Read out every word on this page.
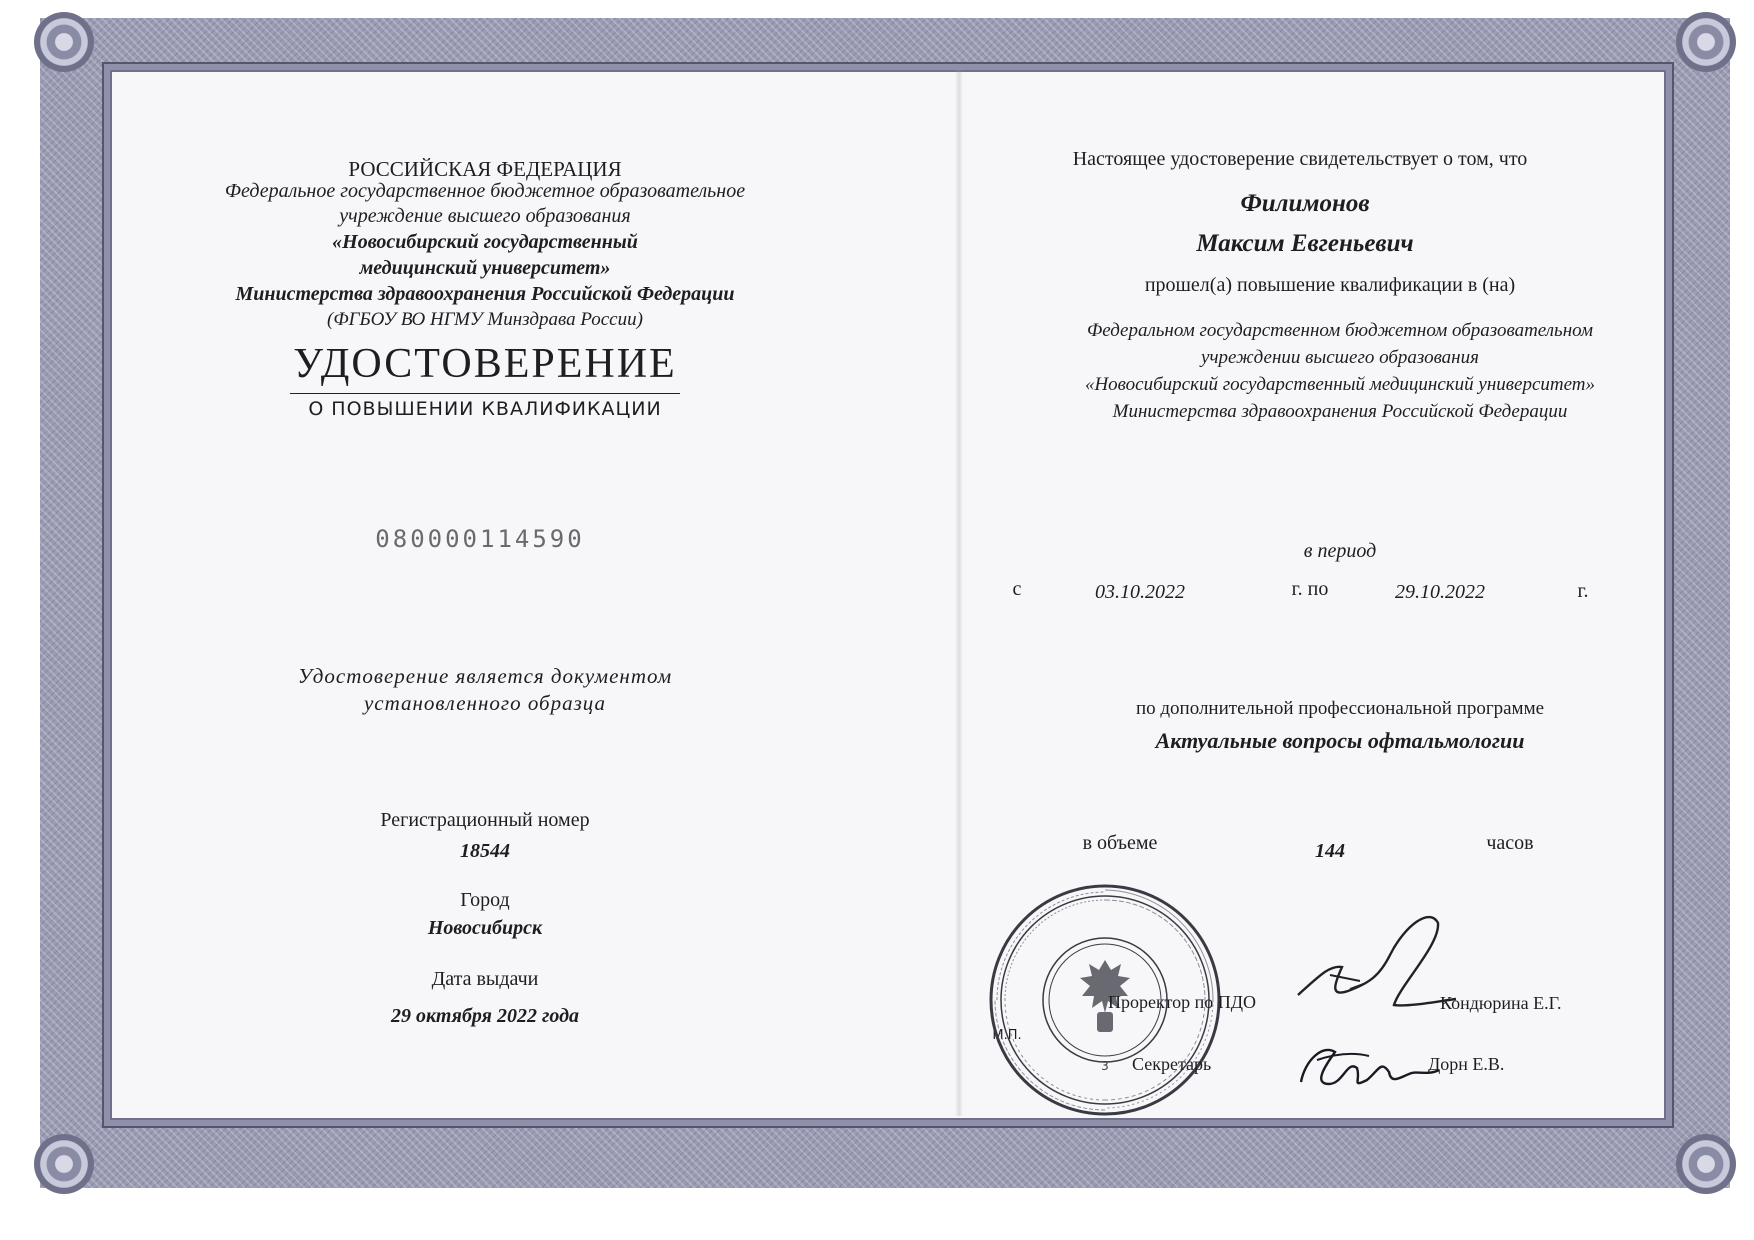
РОССИЙСКАЯ ФЕДЕРАЦИЯ
Федеральное государственное бюджетное образовательное
учреждение высшего образования
«Новосибирский государственный
медицинский университет»
Министерства здравоохранения Российской Федерации
(ФГБОУ ВО НГМУ Минздрава России)
УДОСТОВЕРЕНИЕ
О ПОВЫШЕНИИ КВАЛИФИКАЦИИ
080000114590
Удостоверение является документом
установленного образца
Регистрационный номер
18544
Город
Новосибирск
Дата выдачи
29 октября 2022 года
Настоящее удостоверение свидетельствует о том, что
Филимонов
Максим Евгеньевич
прошел(а) повышение квалификации в (на)
Федеральном государственном бюджетном образовательном
учреждении высшего образования
«Новосибирский государственный медицинский университет»
Министерства здравоохранения Российской Федерации
в период
с	03.10.2022	г. по	29.10.2022	г.
по дополнительной профессиональной программе
Актуальные вопросы офтальмологии
в объеме	144	часов
М.П.
3
Проректор по ПДО	Кондюрина Е.Г.
Секретарь	Дорн Е.В.
